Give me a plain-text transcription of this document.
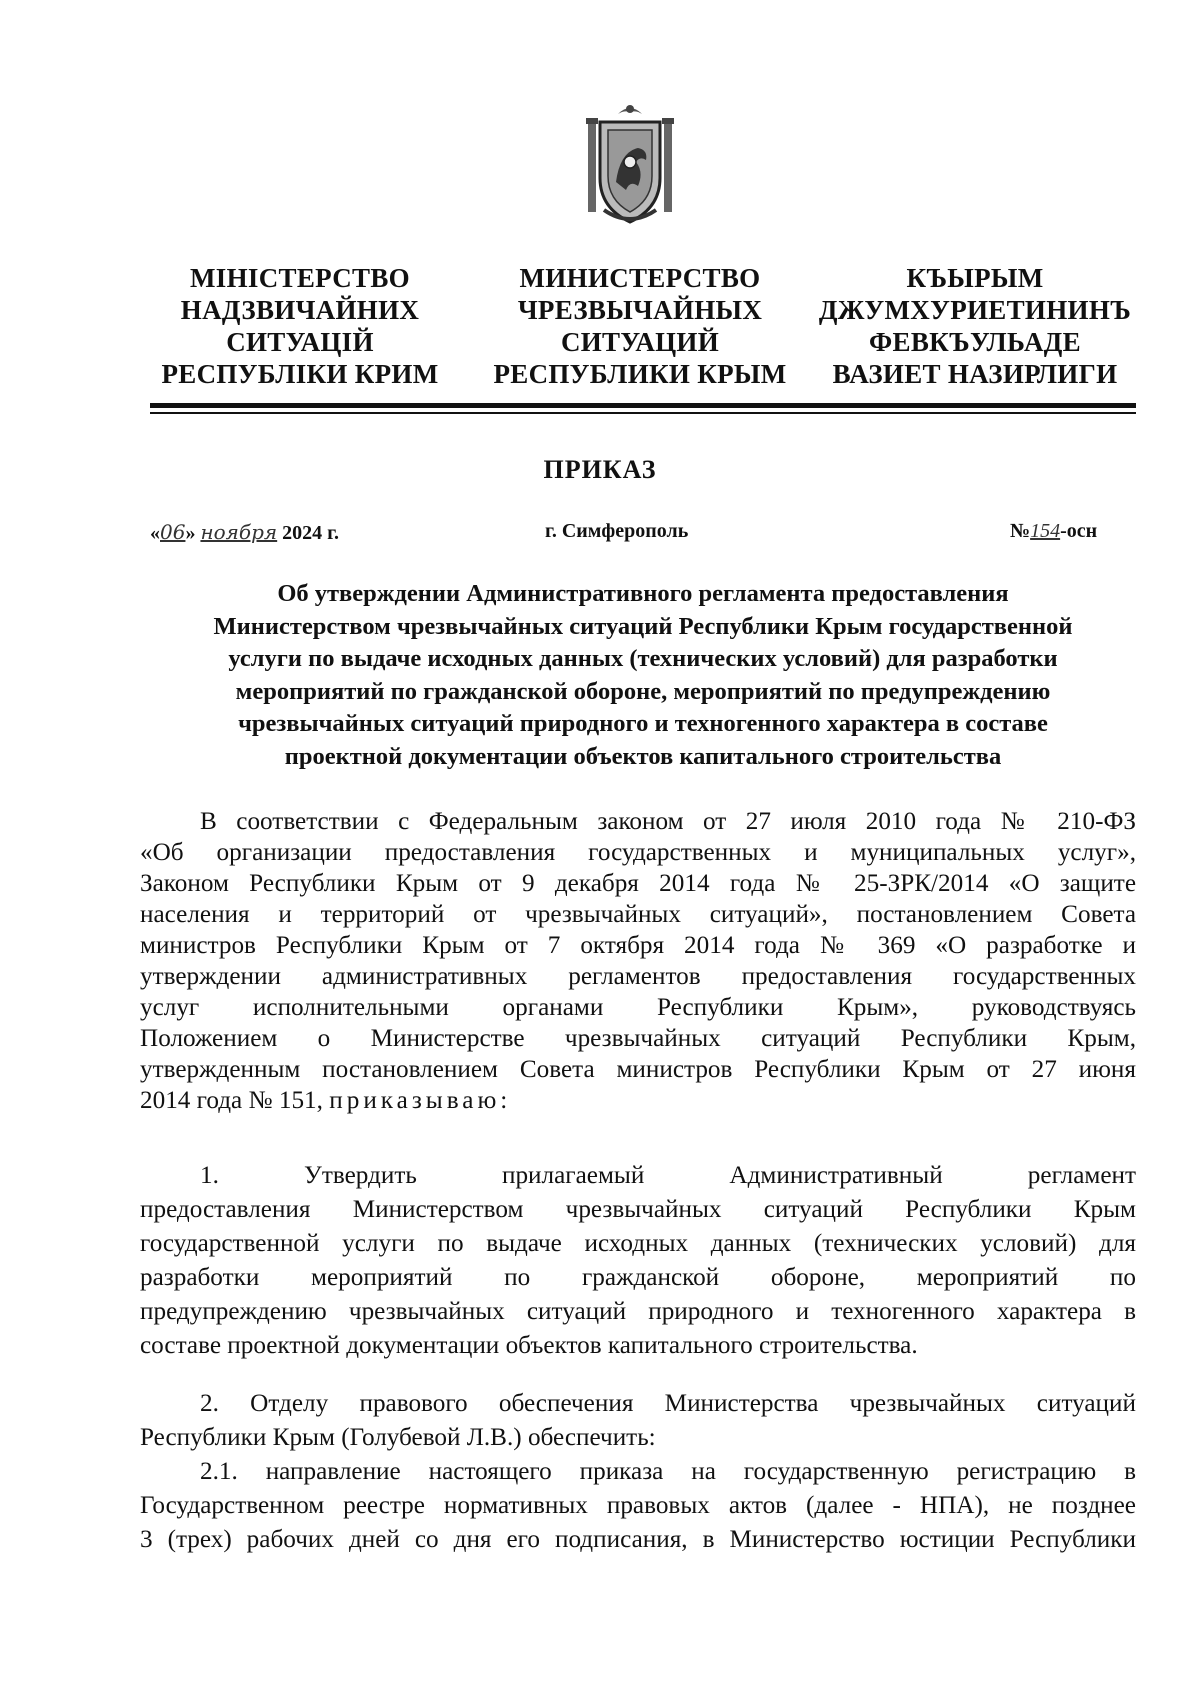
МІНІСТЕРСТВО
НАДЗВИЧАЙНИХ
СИТУАЦІЙ
РЕСПУБЛІКИ КРИМ
МИНИСТЕРСТВО
ЧРЕЗВЫЧАЙНЫХ
СИТУАЦИЙ
РЕСПУБЛИКИ КРЫМ
КЪЫРЫМ
ДЖУМХУРИЕТИНИНЪ
ФЕВКЪУЛЬАДЕ
ВАЗИЕТ НАЗИРЛИГИ
ПРИКАЗ
«06» ноября 2024 г.	г. Симферополь	№154-осн
Об утверждении Административного регламента предоставления
Министерством чрезвычайных ситуаций Республики Крым государственной
услуги по выдаче исходных данных (технических условий) для разработки
мероприятий по гражданской обороне, мероприятий по предупреждению
чрезвычайных ситуаций природного и техногенного характера в составе
проектной документации объектов капитального строительства

В соответствии с Федеральным законом от 27 июля 2010 года № 210-ФЗ

«Об организации предоставления государственных и муниципальных услуг»,

Законом Республики Крым от 9 декабря 2014 года № 25-ЗРК/2014 «О защите

населения и территорий от чрезвычайных ситуаций», постановлением Совета

министров Республики Крым от 7 октября 2014 года № 369 «О разработке и

утверждении административных регламентов предоставления государственных

услуг исполнительными органами Республики Крым», руководствуясь

Положением о Министерстве чрезвычайных ситуаций Республики Крым,

утвержденным постановлением Совета министров Республики Крым от 27 июня

2014 года № 151, приказываю:

1. Утвердить прилагаемый Административный регламент

предоставления Министерством чрезвычайных ситуаций Республики Крым

государственной услуги по выдаче исходных данных (технических условий) для

разработки мероприятий по гражданской обороне, мероприятий по

предупреждению чрезвычайных ситуаций природного и техногенного характера в

составе проектной документации объектов капитального строительства.

2. Отделу правового обеспечения Министерства чрезвычайных ситуаций

Республики Крым (Голубевой Л.В.) обеспечить:

2.1. направление настоящего приказа на государственную регистрацию в

Государственном реестре нормативных правовых актов (далее - НПА), не позднее

3 (трех) рабочих дней со дня его подписания, в Министерство юстиции Республики
